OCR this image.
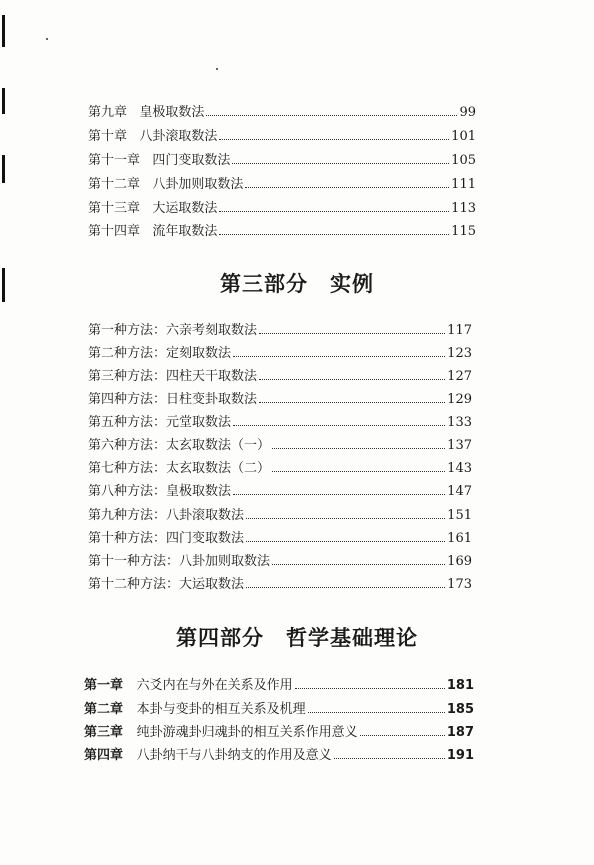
第九章 皇极取数法	99
第十章 八卦滚取数法	101
第十一章 四门变取数法	105
第十二章 八卦加则取数法	111
第十三章 大运取数法	113
第十四章 流年取数法	115
第三部分　实例
第一种方法：六亲考刻取数法	117
第二种方法：定刻取数法	123
第三种方法：四柱天干取数法	127
第四种方法：日柱变卦取数法	129
第五种方法：元堂取数法	133
第六种方法：太玄取数法（一）	137
第七种方法：太玄取数法（二）	143
第八种方法：皇极取数法	147
第九种方法：八卦滚取数法	151
第十种方法：四门变取数法	161
第十一种方法：八卦加则取数法	169
第十二种方法：大运取数法	173
第四部分　哲学基础理论
第一章 六爻内在与外在关系及作用	181
第二章 本卦与变卦的相互关系及机理	185
第三章 纯卦游魂卦归魂卦的相互关系作用意义	187
第四章 八卦纳干与八卦纳支的作用及意义	191
